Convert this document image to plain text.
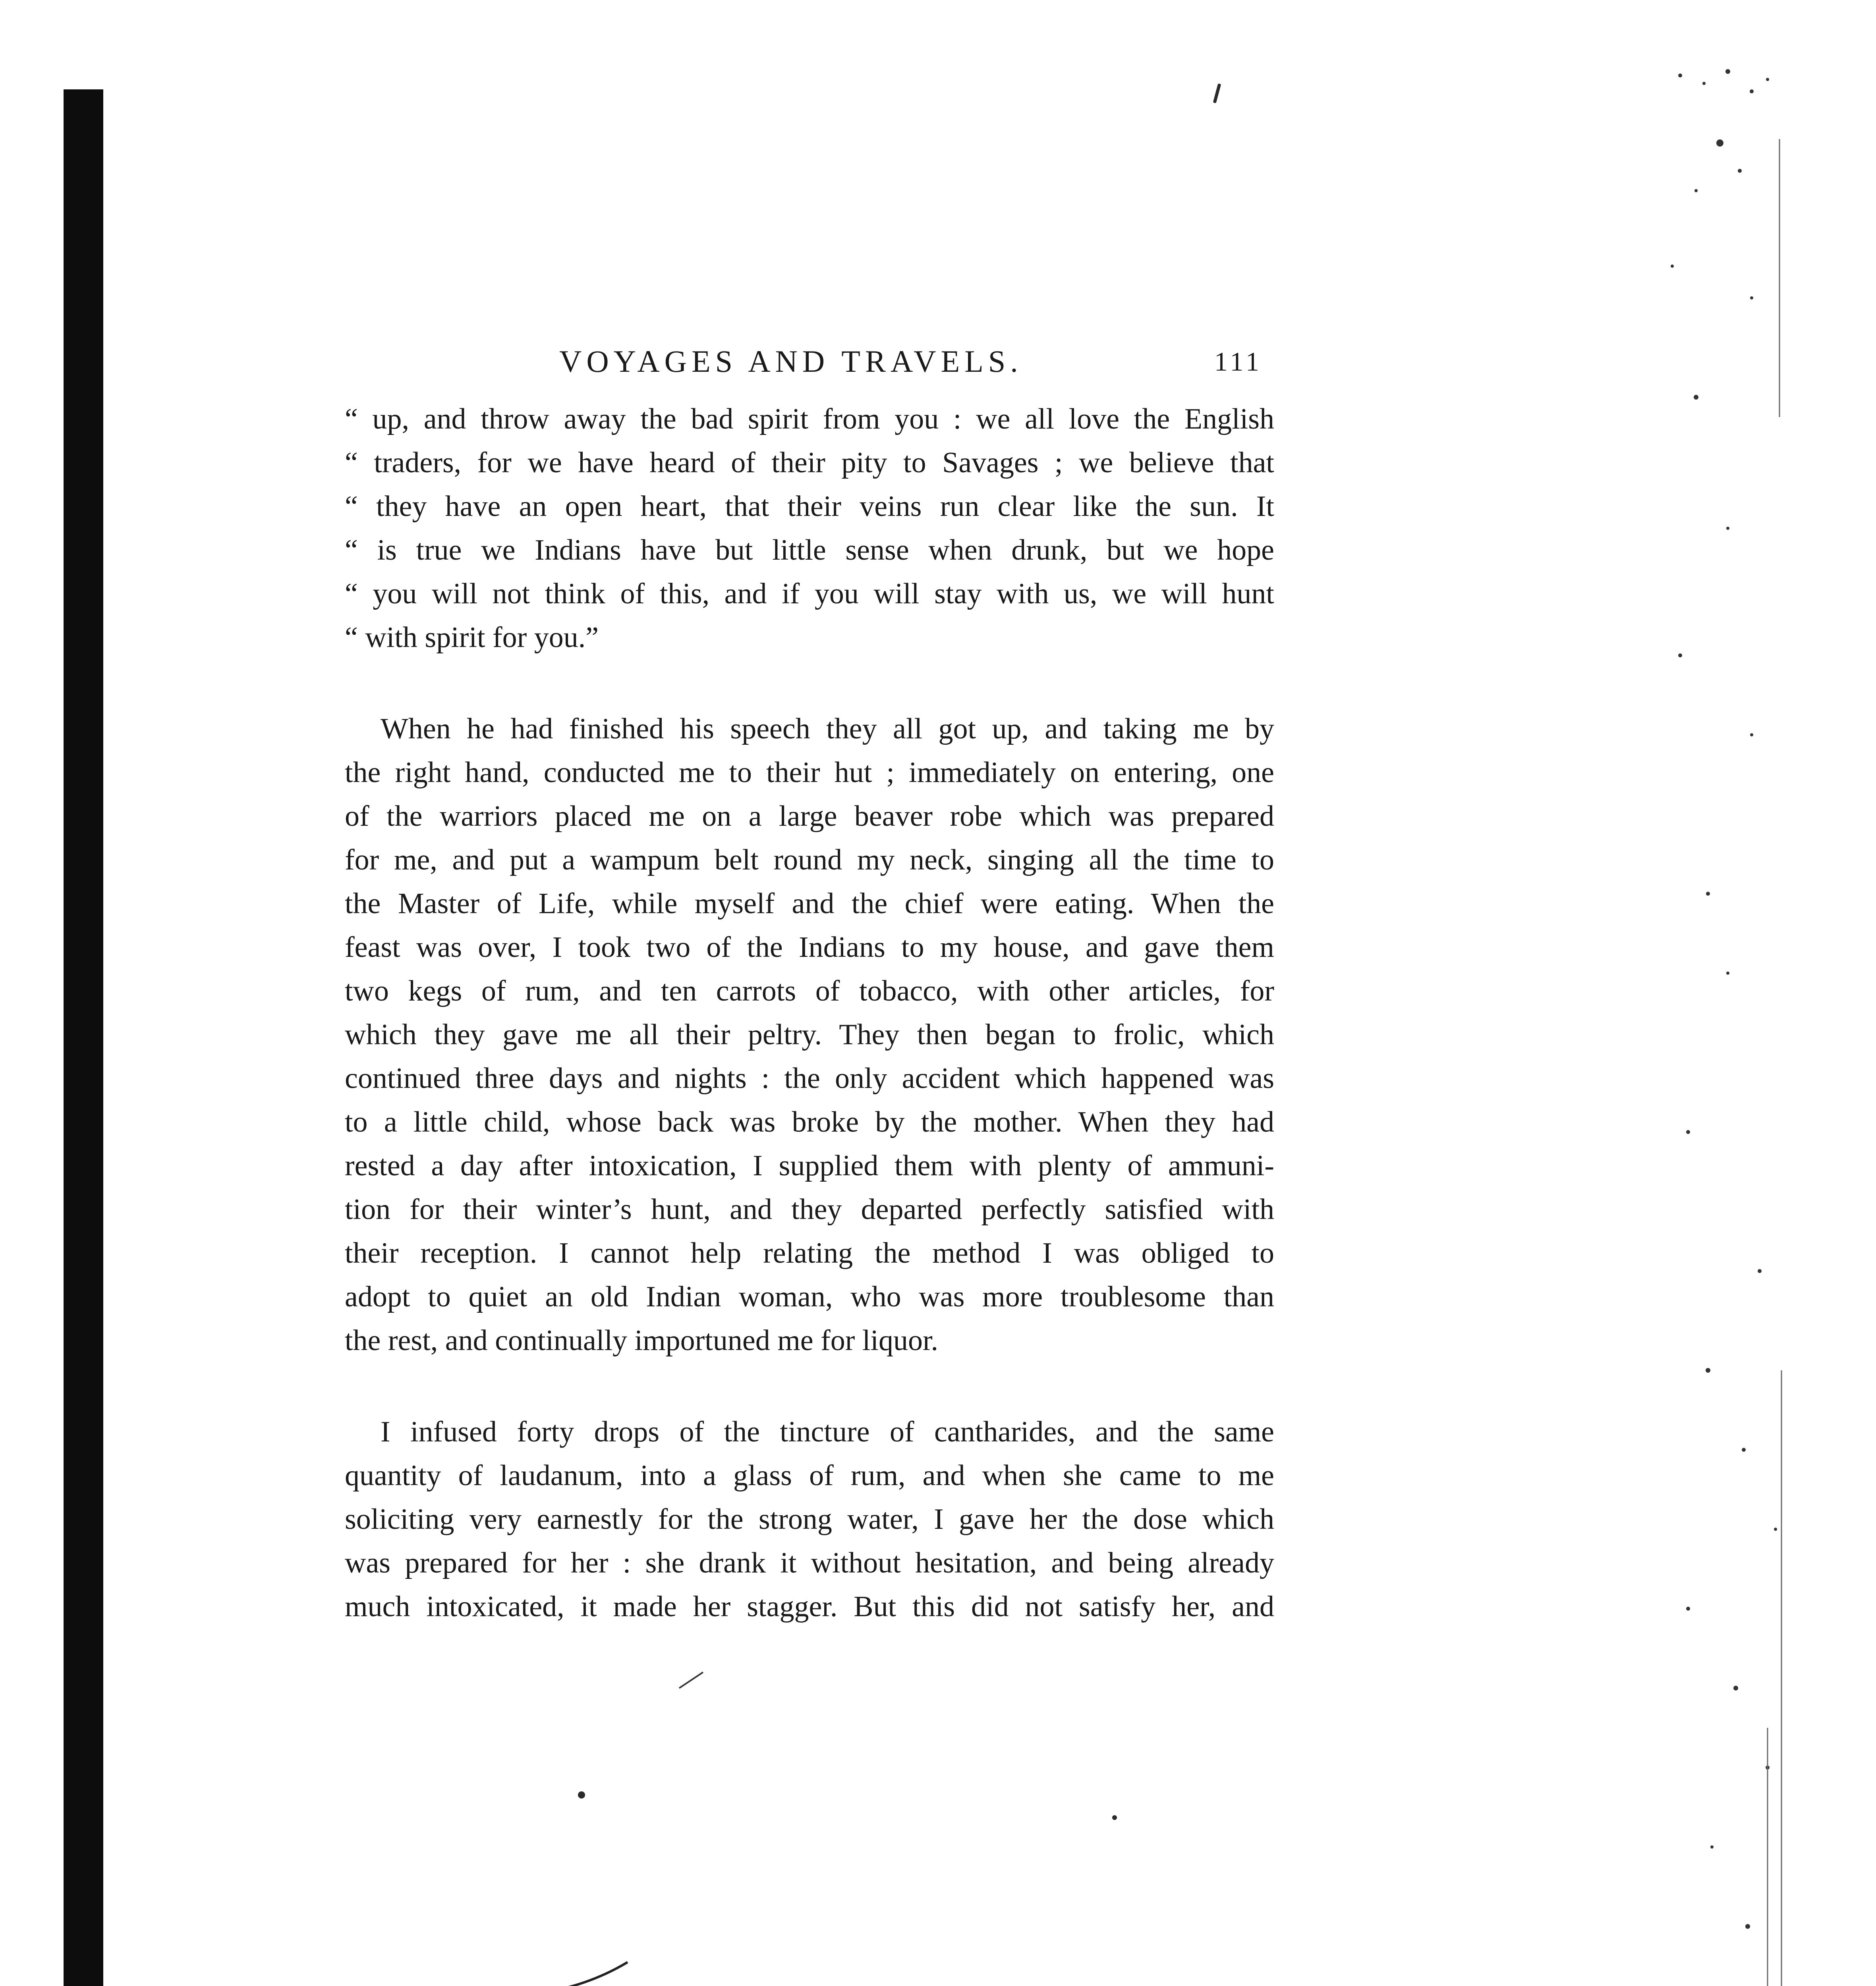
VOYAGES AND TRAVELS.	111

“ up, and throw away the bad spirit from you : we all love the English

“ traders, for we have heard of their pity to Savages ; we believe that

“ they have an open heart, that their veins run clear like the sun. It

“ is true we Indians have but little sense when drunk, but we hope

“ you will not think of this, and if you will stay with us, we will hunt

“ with spirit for you.”

When he had finished his speech they all got up, and taking me by
the right hand, conducted me to their hut ; immediately on entering, one
of the warriors placed me on a large beaver robe which was prepared
for me, and put a wampum belt round my neck, singing all the time to
the Master of Life, while myself and the chief were eating. When the
feast was over, I took two of the Indians to my house, and gave them
two kegs of rum, and ten carrots of tobacco, with other articles, for
which they gave me all their peltry. They then began to frolic, which
continued three days and nights : the only accident which happened was
to a little child, whose back was broke by the mother. When they had
rested a day after intoxication, I supplied them with plenty of ammuni-
tion for their winter’s hunt, and they departed perfectly satisfied with
their reception. I cannot help relating the method I was obliged to
adopt to quiet an old Indian woman, who was more troublesome than
the rest, and continually importuned me for liquor.
I infused forty drops of the tincture of cantharides, and the same
quantity of laudanum, into a glass of rum, and when she came to me
soliciting very earnestly for the strong water, I gave her the dose which
was prepared for her : she drank it without hesitation, and being already
much intoxicated, it made her stagger. But this did not satisfy her, and
